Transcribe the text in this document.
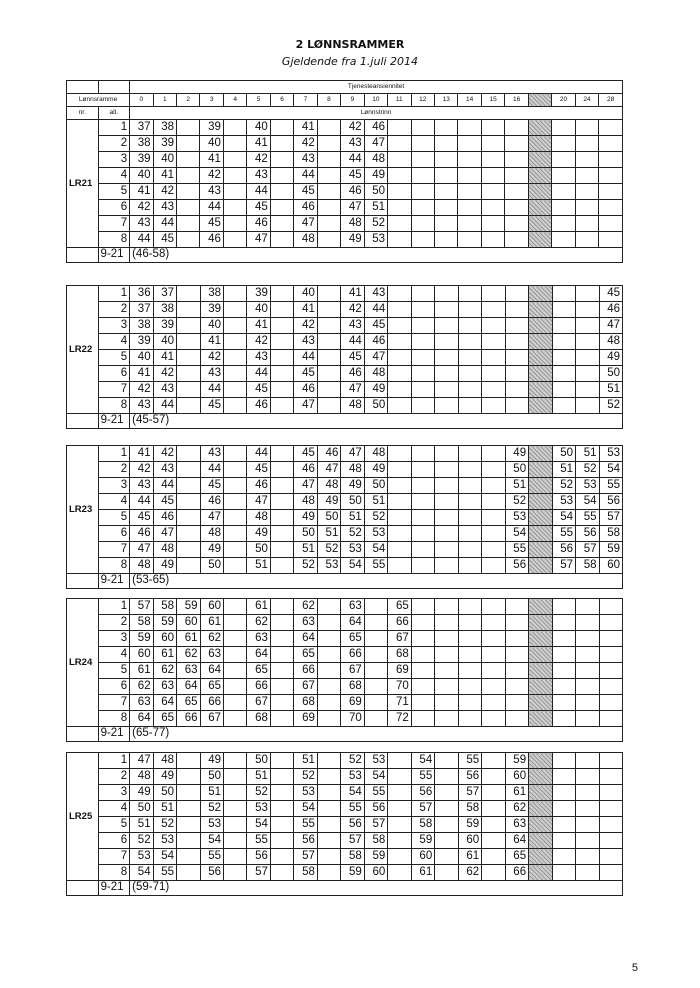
2 LØNNSRAMMER
Gjeldende fra 1.juli 2014
		Tjenesteansiennitet																				
Lønnsramme		0	1	2	3	4	5	6	7	8	9	10	11	12	13	14	15	16		20	24	28
nr.	alt.	Lønnstrinn																				
LR21	1	37	38		39		40		41		42	46										
	2	38	39		40		41		42		43	47										
	3	39	40		41		42		43		44	48										
	4	40	41		42		43		44		45	49										
	5	41	42		43		44		45		46	50										
	6	42	43		44		45		46		47	51										
	7	43	44		45		46		47		48	52										
	8	44	45		46		47		48		49	53										
	9-21	(46-58)																				
LR22	1	36	37		38		39		40		41	43										45
	2	37	38		39		40		41		42	44										46
	3	38	39		40		41		42		43	45										47
	4	39	40		41		42		43		44	46										48
	5	40	41		42		43		44		45	47										49
	6	41	42		43		44		45		46	48										50
	7	42	43		44		45		46		47	49										51
	8	43	44		45		46		47		48	50										52
	9-21	(45-57)																				
LR23	1	41	42		43		44		45	46	47	48						49		50	51	53
	2	42	43		44		45		46	47	48	49						50		51	52	54
	3	43	44		45		46		47	48	49	50						51		52	53	55
	4	44	45		46		47		48	49	50	51						52		53	54	56
	5	45	46		47		48		49	50	51	52						53		54	55	57
	6	46	47		48		49		50	51	52	53						54		55	56	58
	7	47	48		49		50		51	52	53	54						55		56	57	59
	8	48	49		50		51		52	53	54	55						56		57	58	60
	9-21	(53-65)																				
LR24	1	57	58	59	60		61		62		63		65									
	2	58	59	60	61		62		63		64		66									
	3	59	60	61	62		63		64		65		67									
	4	60	61	62	63		64		65		66		68									
	5	61	62	63	64		65		66		67		69									
	6	62	63	64	65		66		67		68		70									
	7	63	64	65	66		67		68		69		71									
	8	64	65	66	67		68		69		70		72									
	9-21	(65-77)																				
LR25	1	47	48		49		50		51		52	53		54		55		59				
	2	48	49		50		51		52		53	54		55		56		60				
	3	49	50		51		52		53		54	55		56		57		61				
	4	50	51		52		53		54		55	56		57		58		62				
	5	51	52		53		54		55		56	57		58		59		63				
	6	52	53		54		55		56		57	58		59		60		64				
	7	53	54		55		56		57		58	59		60		61		65				
	8	54	55		56		57		58		59	60		61		62		66				
	9-21	(59-71)																				
5
